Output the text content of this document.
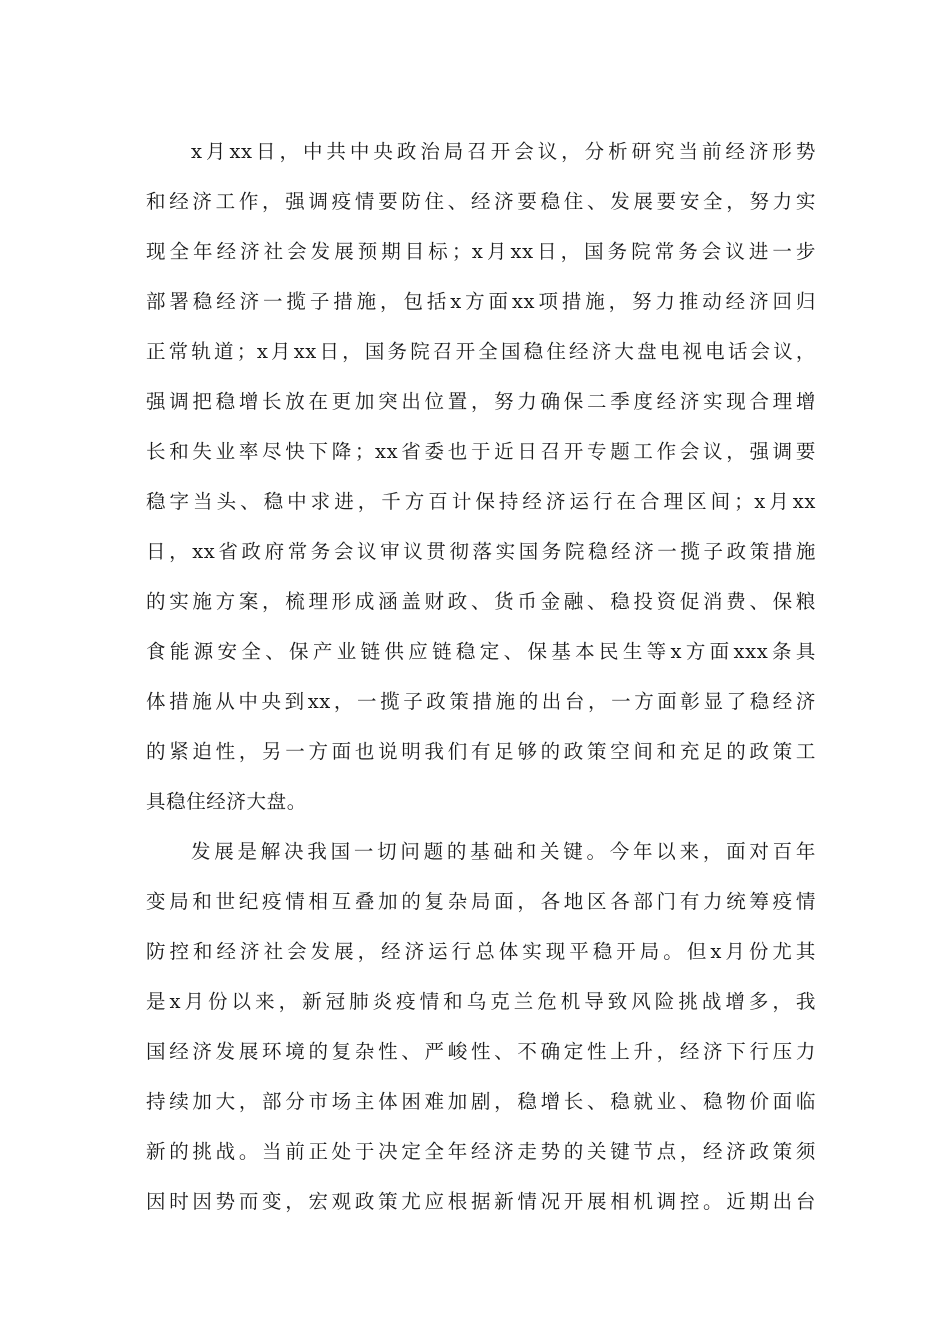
x月xx日，中共中央政治局召开会议，分析研究当前经济形势
和经济工作，强调疫情要防住、经济要稳住、发展要安全，努力实
现全年经济社会发展预期目标；x月xx日，国务院常务会议进一步
部署稳经济一揽子措施，包括x方面xx项措施，努力推动经济回归
正常轨道；x月xx日，国务院召开全国稳住经济大盘电视电话会议，
强调把稳增长放在更加突出位置，努力确保二季度经济实现合理增
长和失业率尽快下降；xx省委也于近日召开专题工作会议，强调要
稳字当头、稳中求进，千方百计保持经济运行在合理区间；x月xx
日，xx省政府常务会议审议贯彻落实国务院稳经济一揽子政策措施
的实施方案，梳理形成涵盖财政、货币金融、稳投资促消费、保粮
食能源安全、保产业链供应链稳定、保基本民生等x方面xxx条具
体措施从中央到xx，一揽子政策措施的出台，一方面彰显了稳经济
的紧迫性，另一方面也说明我们有足够的政策空间和充足的政策工
具稳住经济大盘。
发展是解决我国一切问题的基础和关键。今年以来，面对百年
变局和世纪疫情相互叠加的复杂局面，各地区各部门有力统筹疫情
防控和经济社会发展，经济运行总体实现平稳开局。但x月份尤其
是x月份以来，新冠肺炎疫情和乌克兰危机导致风险挑战增多，我
国经济发展环境的复杂性、严峻性、不确定性上升，经济下行压力
持续加大，部分市场主体困难加剧，稳增长、稳就业、稳物价面临
新的挑战。当前正处于决定全年经济走势的关键节点，经济政策须
因时因势而变，宏观政策尤应根据新情况开展相机调控。近期出台
